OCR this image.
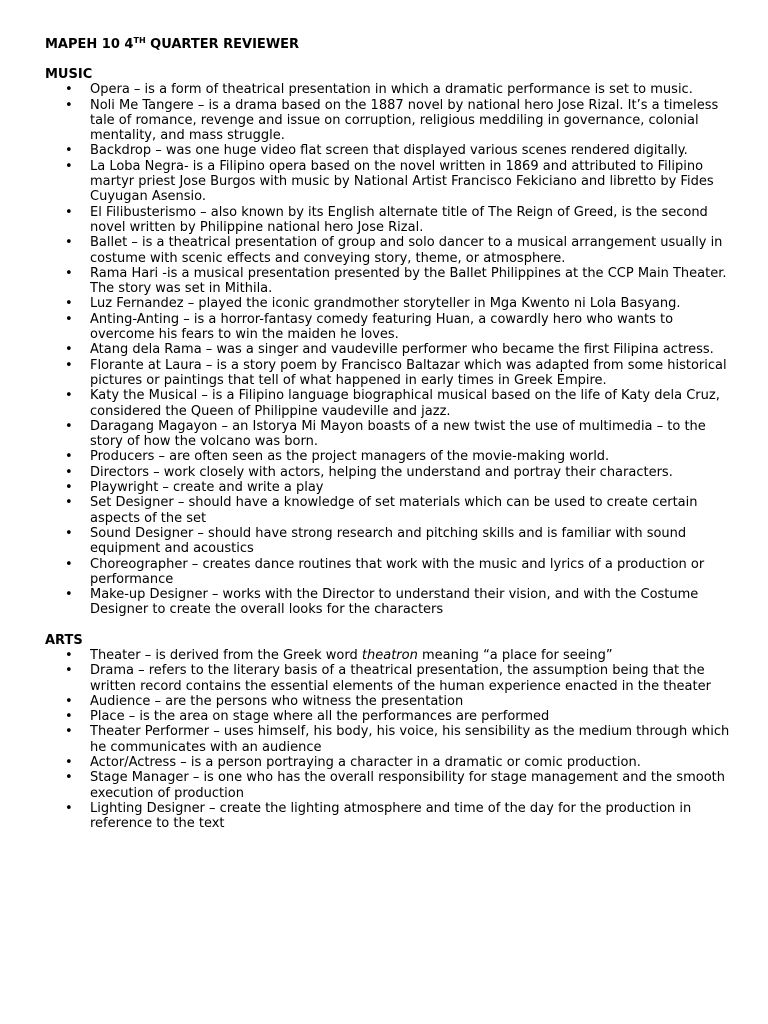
MAPEH 10 4TH QUARTER REVIEWER
MUSIC
• Opera – is a form of theatrical presentation in which a dramatic performance is set to music.
• Noli Me Tangere – is a drama based on the 1887 novel by national hero Jose Rizal. It’s a timeless tale of romance, revenge and issue on corruption, religious meddiling in governance, colonial mentality, and mass struggle.
• Backdrop – was one huge video flat screen that displayed various scenes rendered digitally.
• La Loba Negra- is a Filipino opera based on the novel written in 1869 and attributed to Filipino martyr priest Jose Burgos with music by National Artist Francisco Fekiciano and libretto by Fides Cuyugan Asensio.
• El Filibusterismo – also known by its English alternate title of The Reign of Greed, is the second novel written by Philippine national hero Jose Rizal.
• Ballet – is a theatrical presentation of group and solo dancer to a musical arrangement usually in costume with scenic effects and conveying story, theme, or atmosphere.
• Rama Hari -is a musical presentation presented by the Ballet Philippines at the CCP Main Theater. The story was set in Mithila.
• Luz Fernandez – played the iconic grandmother storyteller in Mga Kwento ni Lola Basyang.
• Anting-Anting – is a horror-fantasy comedy featuring Huan, a cowardly hero who wants to overcome his fears to win the maiden he loves.
• Atang dela Rama – was a singer and vaudeville performer who became the first Filipina actress.
• Florante at Laura – is a story poem by Francisco Baltazar which was adapted from some historical pictures or paintings that tell of what happened in early times in Greek Empire.
• Katy the Musical – is a Filipino language biographical musical based on the life of Katy dela Cruz, considered the Queen of Philippine vaudeville and jazz.
• Daragang Magayon – an Istorya Mi Mayon boasts of a new twist the use of multimedia – to the story of how the volcano was born.
• Producers – are often seen as the project managers of the movie-making world.
• Directors – work closely with actors, helping the understand and portray their characters.
• Playwright – create and write a play
• Set Designer – should have a knowledge of set materials which can be used to create certain aspects of the set
• Sound Designer – should have strong research and pitching skills and is familiar with sound equipment and acoustics
• Choreographer – creates dance routines that work with the music and lyrics of a production or performance
• Make-up Designer – works with the Director to understand their vision, and with the Costume Designer to create the overall looks for the characters
ARTS
• Theater – is derived from the Greek word theatron meaning “a place for seeing”
• Drama – refers to the literary basis of a theatrical presentation, the assumption being that the written record contains the essential elements of the human experience enacted in the theater
• Audience – are the persons who witness the presentation
• Place – is the area on stage where all the performances are performed
• Theater Performer – uses himself, his body, his voice, his sensibility as the medium through which he communicates with an audience
• Actor/Actress – is a person portraying a character in a dramatic or comic production.
• Stage Manager – is one who has the overall responsibility for stage management and the smooth execution of production
• Lighting Designer – create the lighting atmosphere and time of the day for the production in reference to the text
